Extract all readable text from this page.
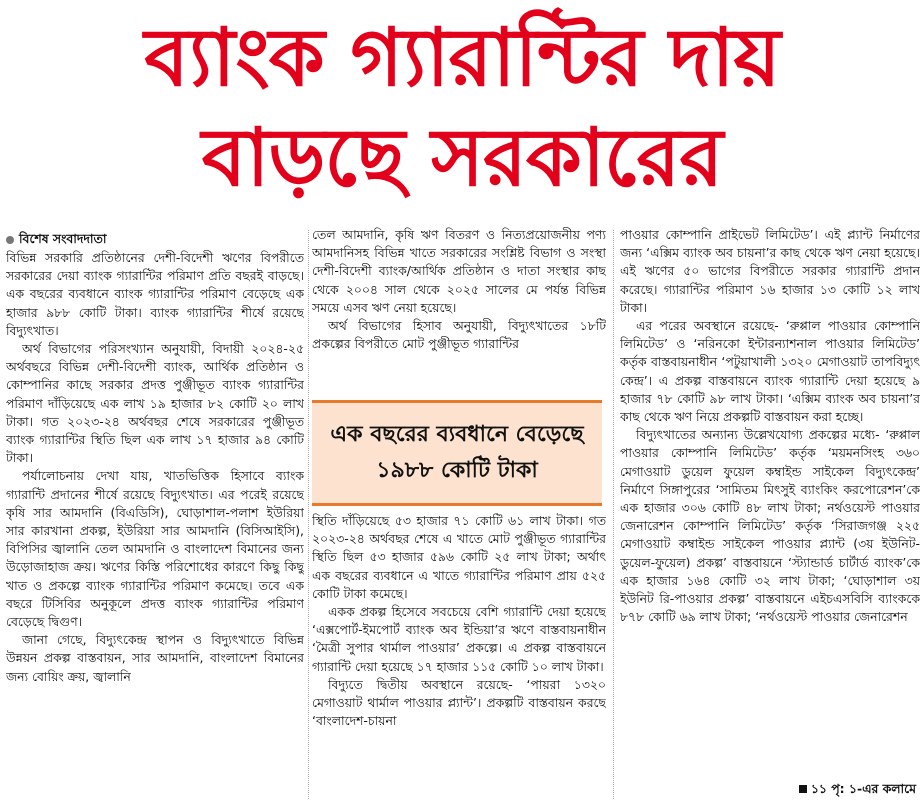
ব্যাংক গ্যারান্টির দায়
বাড়ছে সরকারের
বিশেষ সংবাদদাতা

বিভিন্ন সরকারি প্রতিষ্ঠানের দেশী-বিদেশী ঋণের বিপরীতে সরকারের দেয়া ব্যাংক গ্যারান্টির পরিমাণ প্রতি বছরই বাড়ছে। এক বছরের ব্যবধানে ব্যাংক গ্যারান্টির পরিমাণ বেড়েছে এক হাজার ৯৮৮ কোটি টাকা। ব্যাংক গ্যারান্টির শীর্ষে রয়েছে বিদ্যুৎখাত।

অর্থ বিভাগের পরিসংখ্যান অনুযায়ী, বিদায়ী ২০২৪-২৫ অর্থবছরে বিভিন্ন দেশী-বিদেশী ব্যাংক, আর্থিক প্রতিষ্ঠান ও কোম্পানির কাছে সরকার প্রদত্ত পুঞ্জীভূত ব্যাংক গ্যারান্টির পরিমাণ দাঁড়িয়েছে এক লাখ ১৯ হাজার ৮২ কোটি ২০ লাখ টাকা। গত ২০২৩-২৪ অর্থবছর শেষে সরকারের পুঞ্জীভূত ব্যাংক গ্যারান্টির স্থিতি ছিল এক লাখ ১৭ হাজার ৯৪ কোটি টাকা।

পর্যালোচনায় দেখা যায়, খাতভিত্তিক হিসাবে ব্যাংক গ্যারান্টি প্রদানের শীর্ষে রয়েছে বিদ্যুৎখাত। এর পরেই রয়েছে কৃষি সার আমদানি (বিএডিসি), ঘোড়াশাল-পলাশ ইউরিয়া সার কারখানা প্রকল্প, ইউরিয়া সার আমদানি (বিসিআইসি), বিপিসির জ্বালানি তেল আমদানি ও বাংলাদেশ বিমানের জন্য উড়োজাহাজ ক্রয়। ঋণের কিস্তি পরিশোধের কারণে কিছু কিছু খাত ও প্রকল্পে ব্যাংক গ্যারান্টির পরিমাণ কমেছে। তবে এক বছরে টিসিবির অনুকূলে প্রদত্ত ব্যাংক গ্যারান্টির পরিমাণ বেড়েছে দ্বিগুণ।

জানা গেছে, বিদ্যুৎকেন্দ্র স্থাপন ও বিদ্যুৎখাতে বিভিন্ন উন্নয়ন প্রকল্প বাস্তবায়ন, সার আমদানি, বাংলাদেশ বিমানের জন্য বোয়িং ক্রয়, জ্বালানি

তেল আমদানি, কৃষি ঋণ বিতরণ ও নিত্যপ্রয়োজনীয় পণ্য আমদানিসহ বিভিন্ন খাতে সরকারের সংশ্লিষ্ট বিভাগ ও সংস্থা দেশী-বিদেশী ব্যাংক/আর্থিক প্রতিষ্ঠান ও দাতা সংস্থার কাছ থেকে ২০০৪ সাল থেকে ২০২৫ সালের মে পর্যন্ত বিভিন্ন সময়ে এসব ঋণ নেয়া হয়েছে।

অর্থ বিভাগের হিসাব অনুযায়ী, বিদ্যুৎখাতের ১৮টি প্রকল্পের বিপরীতে মোট পুঞ্জীভূত গ্যারান্টির

এক বছরের ব্যবধানে বেড়েছে
১৯৮৮ কোটি টাকা

স্থিতি দাঁড়িয়েছে ৫৩ হাজার ৭১ কোটি ৬১ লাখ টাকা। গত ২০২৩-২৪ অর্থবছর শেষে এ খাতে মোট পুঞ্জীভূত গ্যারান্টির স্থিতি ছিল ৫৩ হাজার ৫৯৬ কোটি ২৫ লাখ টাকা; অর্থাৎ এক বছরের ব্যবধানে এ খাতে গ্যারান্টির পরিমাণ প্রায় ৫২৫ কোটি টাকা কমেছে।

একক প্রকল্প হিসেবে সবচেয়ে বেশি গ্যারান্টি দেয়া হয়েছে ‘এক্সপোর্ট-ইমপোর্ট ব্যাংক অব ইন্ডিয়া’র ঋণে বাস্তবায়নাধীন ‘মৈত্রী সুপার থার্মাল পাওয়ার’ প্রকল্পে। এ প্রকল্প বাস্তবায়নে গ্যারান্টি দেয়া হয়েছে ১৭ হাজার ১১৫ কোটি ১০ লাখ টাকা।

বিদ্যুতে দ্বিতীয় অবস্থানে রয়েছে- ‘পায়রা ১৩২০ মেগাওয়াট থার্মাল পাওয়ার প্ল্যান্ট’। প্রকল্পটি বাস্তবায়ন করছে ‘বাংলাদেশ-চায়না

পাওয়ার কোম্পানি প্রাইভেট লিমিটেড’। এই প্ল্যান্ট নির্মাণের জন্য ‘এক্সিম ব্যাংক অব চায়না’র কাছ থেকে ঋণ নেয়া হয়েছে। এই ঋণের ৫০ ভাগের বিপরীতে সরকার গ্যারান্টি প্রদান করেছে। গ্যারান্টির পরিমাণ ১৬ হাজার ১৩ কোটি ১২ লাখ টাকা।

এর পরের অবস্থানে রয়েছে- ‘রুপ্পাল পাওয়ার কোম্পানি লিমিটেড’ ও ‘নরিনকো ইন্টারন্যাশনাল পাওয়ার লিমিটেড’ কর্তৃক বাস্তবায়নাধীন ‘পটুয়াখালী ১৩২০ মেগাওয়াট তাপবিদ্যুৎ কেন্দ্র’। এ প্রকল্প বাস্তবায়নে ব্যাংক গ্যারান্টি দেয়া হয়েছে ৯ হাজার ৭৮ কোটি ৯৮ লাখ টাকা। ‘এক্সিম ব্যাংক অব চায়না’র কাছ থেকে ঋণ নিয়ে প্রকল্পটি বাস্তবায়ন করা হচ্ছে।

বিদ্যুৎখাতের অন্যান্য উল্লেখযোগ্য প্রকল্পের মধ্যে- ‘রুপ্পাল পাওয়ার কোম্পানি লিমিটেড’ কর্তৃক ‘ময়মনসিংহ ৩৬০ মেগাওয়াট ডুয়েল ফুয়েল কম্বাইন্ড সাইকেল বিদ্যুৎকেন্দ্র’ নির্মাণে সিঙ্গাপুরের ‘সামিতম মিৎসুই ব্যাংকিং করপোরেশন’কে এক হাজার ৩০৬ কোটি ৪৮ লাখ টাকা; নর্থওয়েস্ট পাওয়ার জেনারেশন কোম্পানি লিমিটেড’ কর্তৃক ‘সিরাজগঞ্জ ২২৫ মেগাওয়াট কম্বাইন্ড সাইকেল পাওয়ার প্ল্যান্ট (৩য় ইউনিট-ডুয়েল-ফুয়েল) প্রকল্প’ বাস্তবায়নে ‘স্ট্যান্ডার্ড চার্টার্ড ব্যাংক’কে এক হাজার ১৬৪ কোটি ৩২ লাখ টাকা; ‘ঘোড়াশাল ৩য় ইউনিট রি-পাওয়ার প্রকল্প’ বাস্তবায়নে এইচএসবিসি ব্যাংককে ৮৭৮ কোটি ৬৯ লাখ টাকা; ‘নর্থওয়েস্ট পাওয়ার জেনারেশন

১১ পৃ: ১-এর কলামে
